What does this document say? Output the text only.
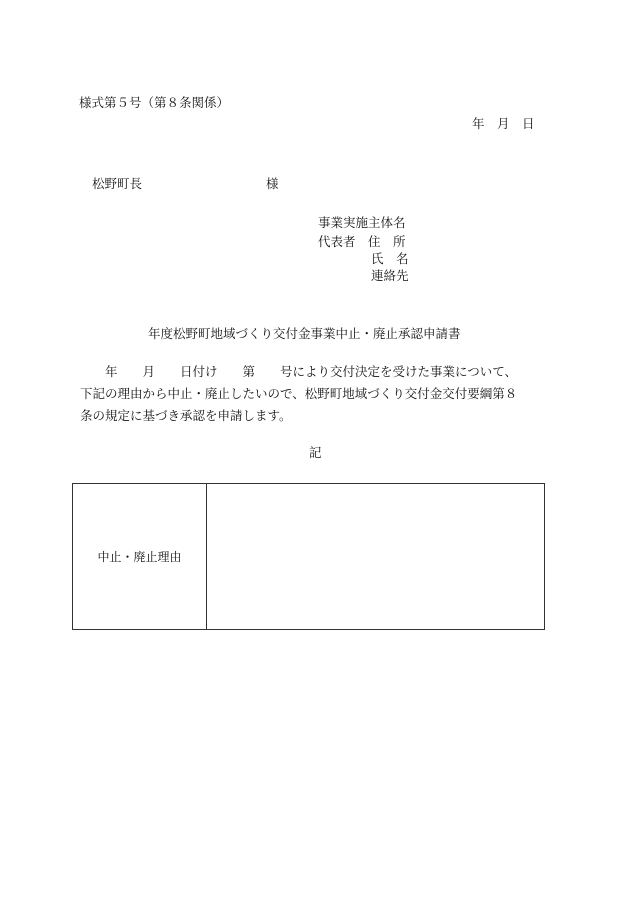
様式第５号（第８条関係）
年　月　日
松野町長	様
事業実施主体名
代表者　住　所
氏　名
連絡先
年度松野町地域づくり交付金事業中止・廃止承認申請書
　　年　　月　　日付け　　第　　号により交付決定を受けた事業について、
下記の理由から中止・廃止したいので、松野町地域づくり交付金交付要綱第８
条の規定に基づき承認を申請します。
記
中止・廃止理由
